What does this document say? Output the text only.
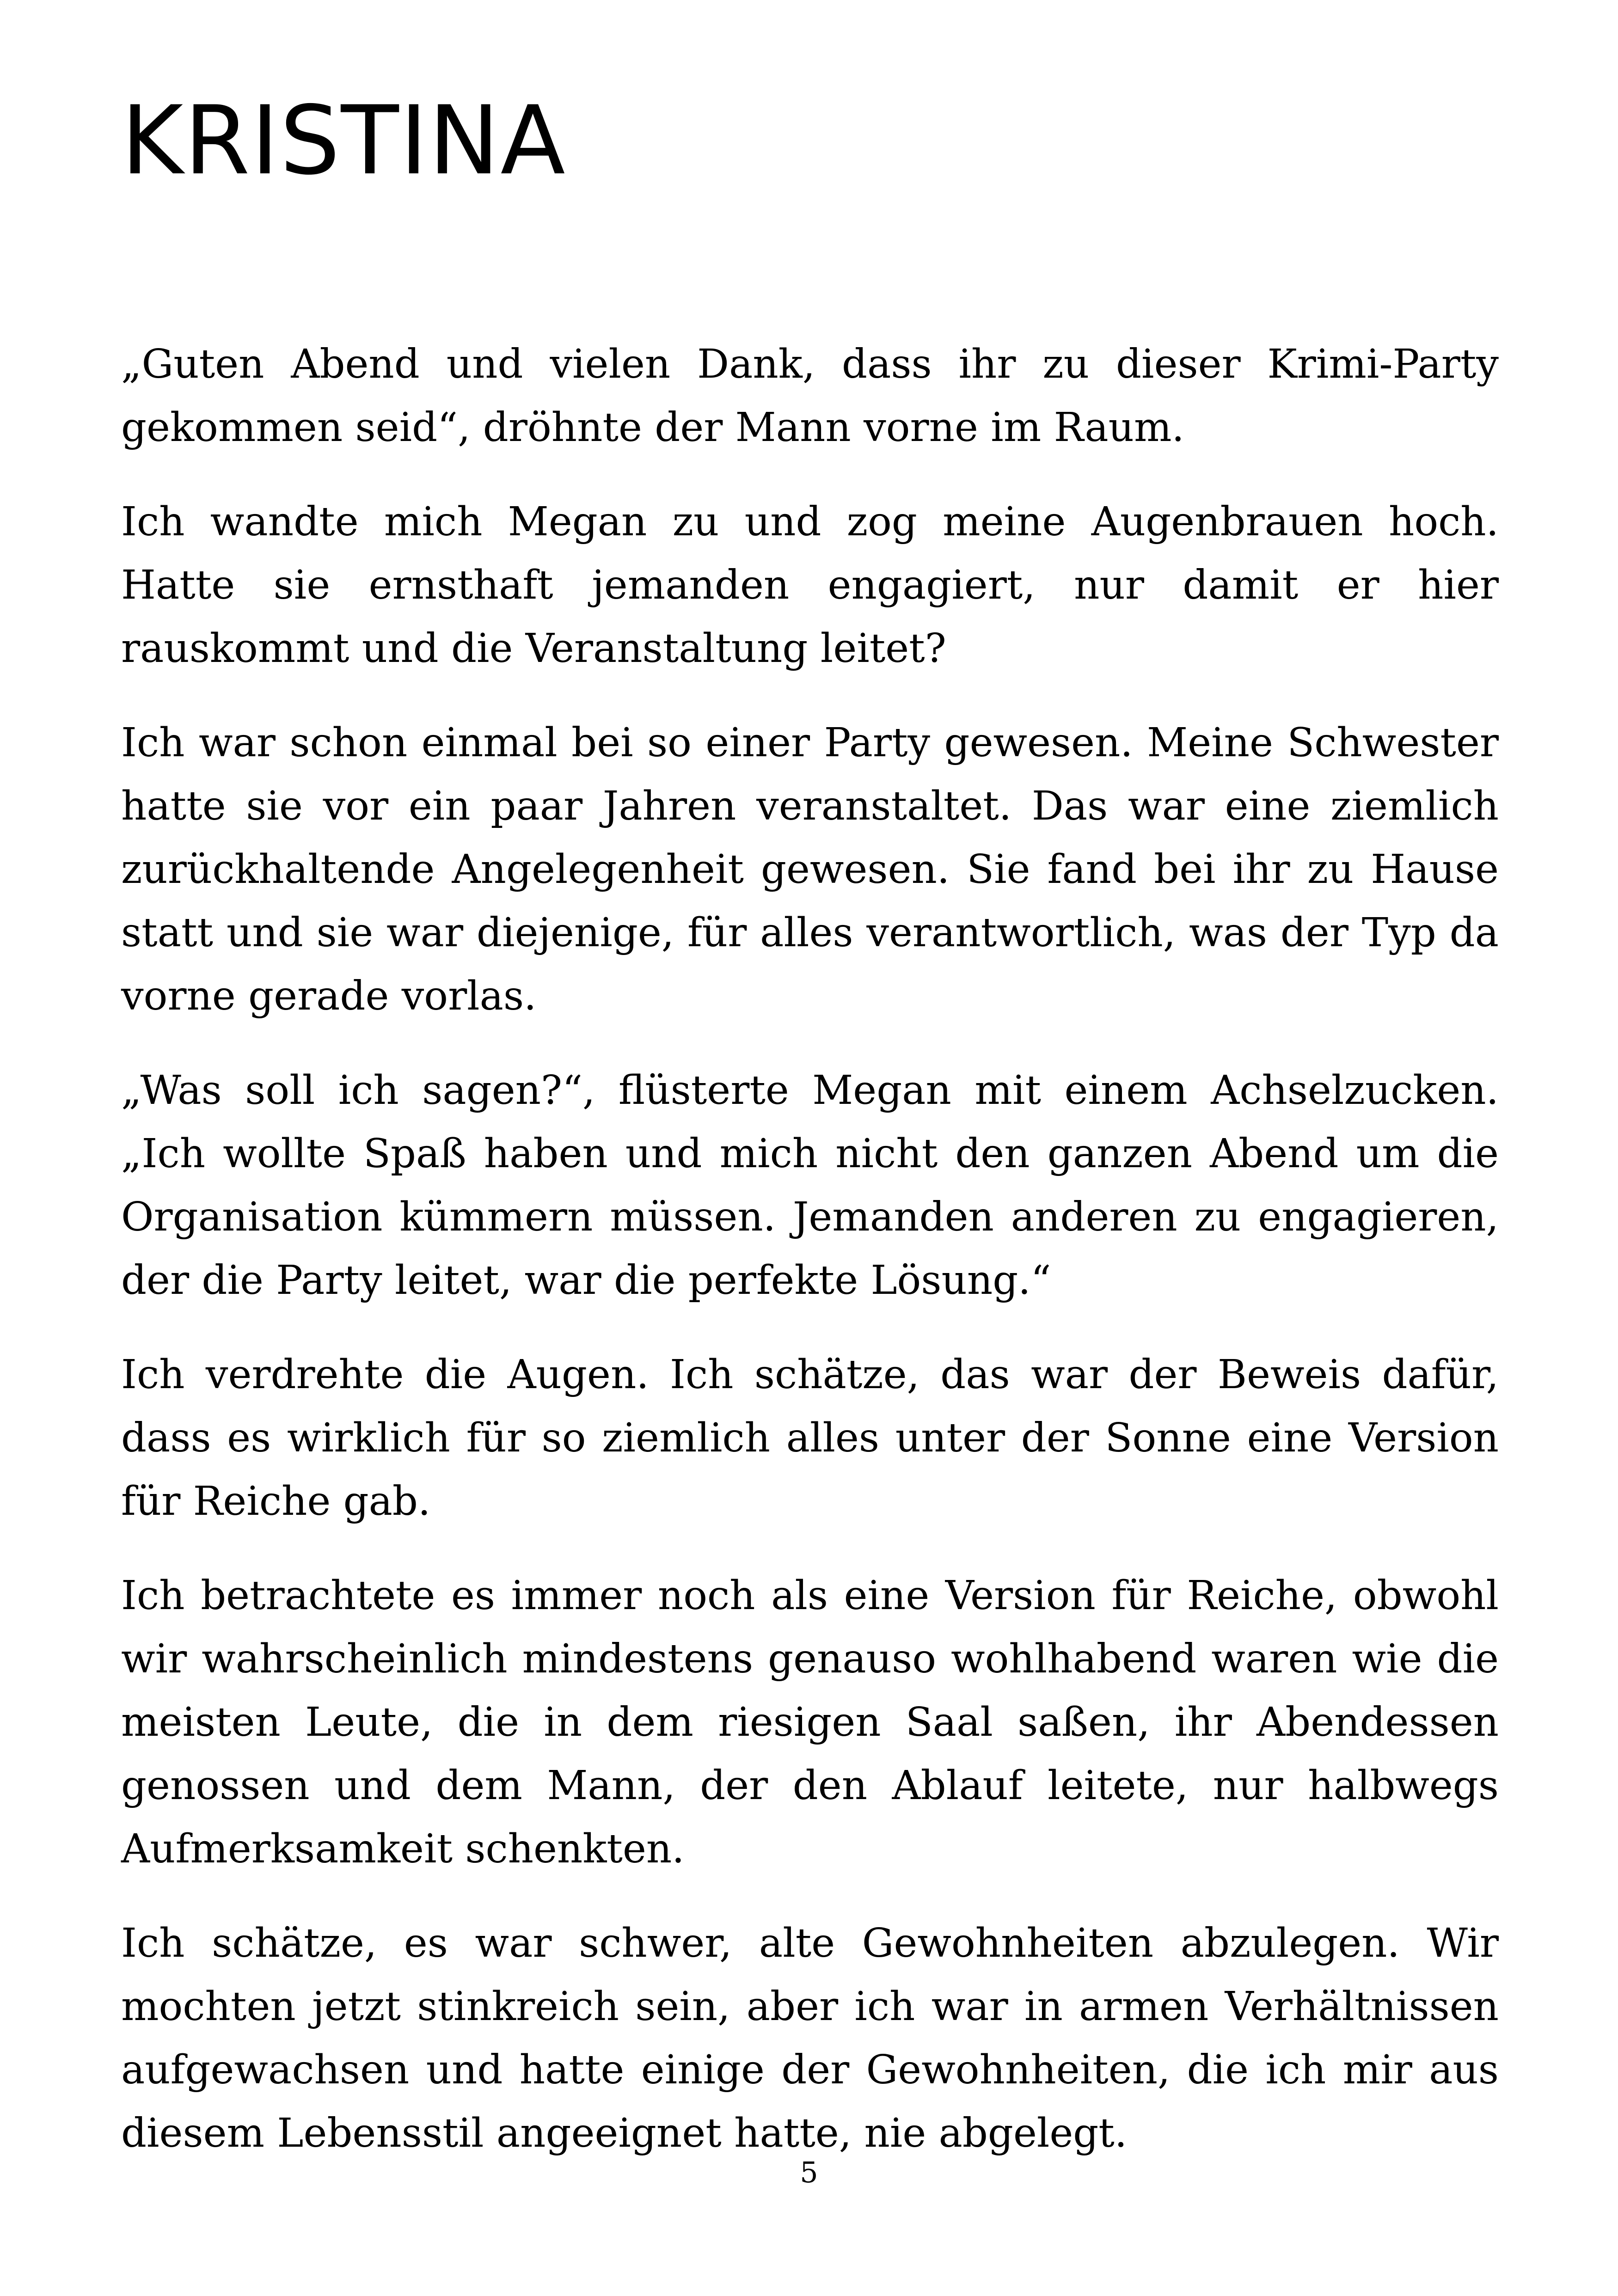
KRISTINA

„Guten Abend und vielen Dank, dass ihr zu dieser Krimi-Party gekommen seid“, dröhnte der Mann vorne im Raum.

Ich wandte mich Megan zu und zog meine Augenbrauen hoch. Hatte sie ernsthaft jemanden engagiert, nur damit er hier rauskommt und die Veranstaltung leitet?

Ich war schon einmal bei so einer Party gewesen. Meine Schwester hatte sie vor ein paar Jahren veranstaltet. Das war eine ziemlich zurückhaltende Angelegenheit gewesen. Sie fand bei ihr zu Hause statt und sie war diejenige, für alles verantwortlich, was der Typ da vorne gerade vorlas.

„Was soll ich sagen?“, flüsterte Megan mit einem Achselzucken. „Ich wollte Spaß haben und mich nicht den ganzen Abend um die Organisation kümmern müssen. Jemanden anderen zu engagieren, der die Party leitet, war die perfekte Lösung.“

Ich verdrehte die Augen. Ich schätze, das war der Beweis dafür, dass es wirklich für so ziemlich alles unter der Sonne eine Version für Reiche gab.

Ich betrachtete es immer noch als eine Version für Reiche, obwohl wir wahrscheinlich mindestens genauso wohlhabend waren wie die meisten Leute, die in dem riesigen Saal saßen, ihr Abendessen genossen und dem Mann, der den Ablauf leitete, nur halbwegs Aufmerksamkeit schenkten.

Ich schätze, es war schwer, alte Gewohnheiten abzulegen. Wir mochten jetzt stinkreich sein, aber ich war in armen Verhältnissen aufgewachsen und hatte einige der Gewohnheiten, die ich mir aus diesem Lebensstil angeeignet hatte, nie abgelegt.

5
